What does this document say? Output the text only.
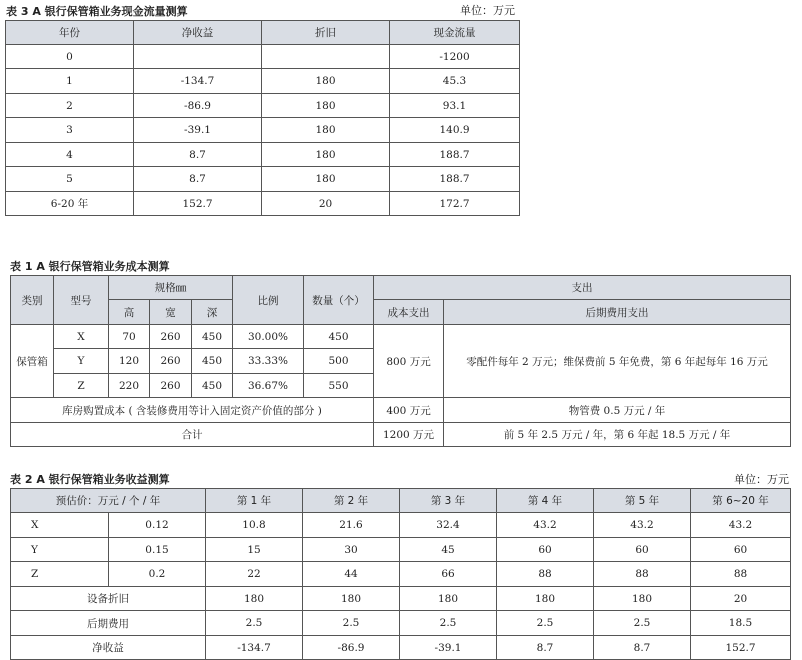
表 3 A 银行保管箱业务现金流量测算	单位：万元
年份	净收益	折旧	现金流量
0			-1200
1	-134.7	180	45.3
2	-86.9	180	93.1
3	-39.1	180	140.9
4	8.7	180	188.7
5	8.7	180	188.7
6-20 年	152.7	20	172.7
表 1 A 银行保管箱业务成本测算
类别	型号	规格㎜			比例	数量（个）	支出	
		高	宽	深			成本支出	后期费用支出
保管箱	X	70	260	450	30.00%	450	800 万元	零配件每年 2 万元；维保费前 5 年免费，第 6 年起每年 16 万元
	Y	120	260	450	33.33%	500		
	Z	220	260	450	36.67%	550		
库房购置成本 ( 含装修费用等计入固定资产价值的部分 )							400 万元	物管费 0.5 万元 / 年
合计							1200 万元	前 5 年 2.5 万元 / 年，第 6 年起 18.5 万元 / 年
表 2 A 银行保管箱业务收益测算	单位：万元
预估价：万元 / 个 / 年		第 1 年	第 2 年	第 3 年	第 4 年	第 5 年	第 6~20 年
X	0.12	10.8	21.6	32.4	43.2	43.2	43.2
Y	0.15	15	30	45	60	60	60
Z	0.2	22	44	66	88	88	88
设备折旧		180	180	180	180	180	20
后期费用		2.5	2.5	2.5	2.5	2.5	18.5
净收益		-134.7	-86.9	-39.1	8.7	8.7	152.7
